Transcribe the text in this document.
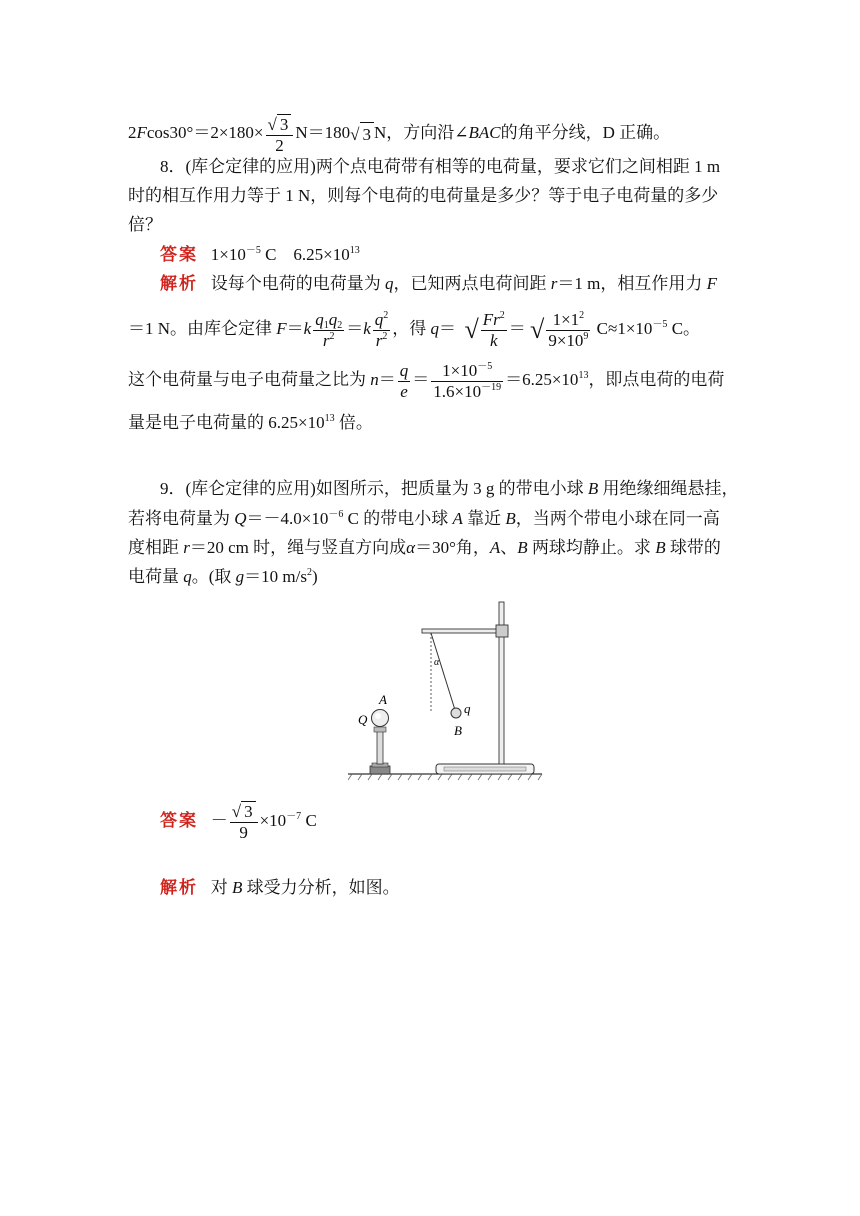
$2Fcos30^\circ=2\times 180\times \frac{√ 3}{2} N=180√$ 3 N，方向沿∠BAC的角平分线，D 正确。
8．(库仑定律的应用)两个点电荷带有相等的电荷量，要求它们之间相距 1 m
时的相互作用力等于 1 N，则每个电荷的电荷量是多少？等于电子电荷量的多少
倍？
答案 $1\times 10^{-5}$ C　$6.25\times 10^{13}$
解析 设每个电荷的电荷量为 q，已知两点电荷间距 r＝1 m，相互作用力 F
＝1 N。由库仑定律 $F=k \frac{q_1q_2}{r^2} =k \frac{q^2}{r^2}$ ，得 q＝ √ $\frac{Fr^2}{k}$ ＝ √ $\frac{1\times 1^2}{9\times 10^9} C\approx 1\times 10^{-5}$ C。
这个电荷量与电子电荷量之比为 $n= \frac{q}{e} = \frac{1\times 10^{-5}}{1.6\times 10^{-19}} =6.25\times 10^{13}$，即点电荷的电荷
量是电子电荷量的 $6.25\times 10^{13}$ 倍。
9．(库仑定律的应用)如图所示，把质量为 3 g 的带电小球 B 用绝缘细绳悬挂，
若将电荷量为 $Q=-4.0\times 10^{-6}$ C 的带电小球 A 靠近 B，当两个带电小球在同一高
度相距 r＝20 cm 时，绳与竖直方向成α＝30°角，A、B 两球均静止。求 B 球带的
电荷量 q。(取 g＝10 $m/s^2$)
A
Q
α
q
B
答案 － $\frac{√ 3}{9} \times 10^{-7}$ C
解析 对 B 球受力分析，如图。
